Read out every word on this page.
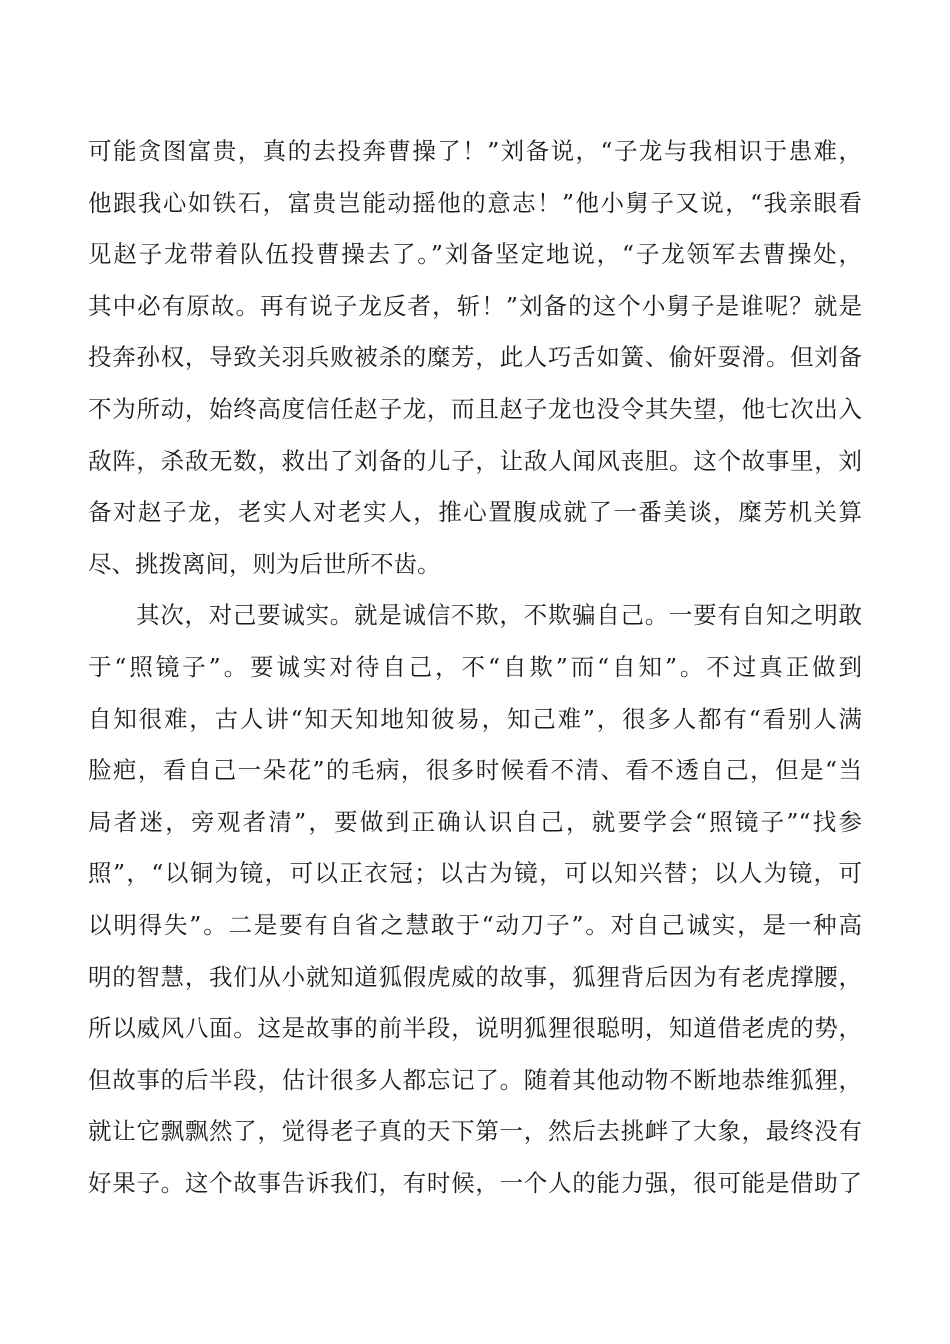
可能贪图富贵，真的去投奔曹操了！”刘备说，“子龙与我相识于患难，
他跟我心如铁石，富贵岂能动摇他的意志！”他小舅子又说，“我亲眼看
见赵子龙带着队伍投曹操去了。”刘备坚定地说，“子龙领军去曹操处，
其中必有原故。再有说子龙反者，斩！”刘备的这个小舅子是谁呢？就是
投奔孙权，导致关羽兵败被杀的糜芳，此人巧舌如簧、偷奸耍滑。但刘备
不为所动，始终高度信任赵子龙，而且赵子龙也没令其失望，他七次出入
敌阵，杀敌无数，救出了刘备的儿子，让敌人闻风丧胆。这个故事里，刘
备对赵子龙，老实人对老实人，推心置腹成就了一番美谈，糜芳机关算
尽、挑拨离间，则为后世所不齿。
其次，对己要诚实。就是诚信不欺，不欺骗自己。一要有自知之明敢
于“照镜子”。要诚实对待自己，不“自欺”而“自知”。不过真正做到
自知很难，古人讲“知天知地知彼易，知己难”，很多人都有“看别人满
脸疤，看自己一朵花”的毛病，很多时候看不清、看不透自己，但是“当
局者迷，旁观者清”，要做到正确认识自己，就要学会“照镜子”“找参
照”，“以铜为镜，可以正衣冠；以古为镜，可以知兴替；以人为镜，可
以明得失”。二是要有自省之慧敢于“动刀子”。对自己诚实，是一种高
明的智慧，我们从小就知道狐假虎威的故事，狐狸背后因为有老虎撑腰，
所以威风八面。这是故事的前半段，说明狐狸很聪明，知道借老虎的势，
但故事的后半段，估计很多人都忘记了。随着其他动物不断地恭维狐狸，
就让它飘飘然了，觉得老子真的天下第一，然后去挑衅了大象，最终没有
好果子。这个故事告诉我们，有时候，一个人的能力强，很可能是借助了
